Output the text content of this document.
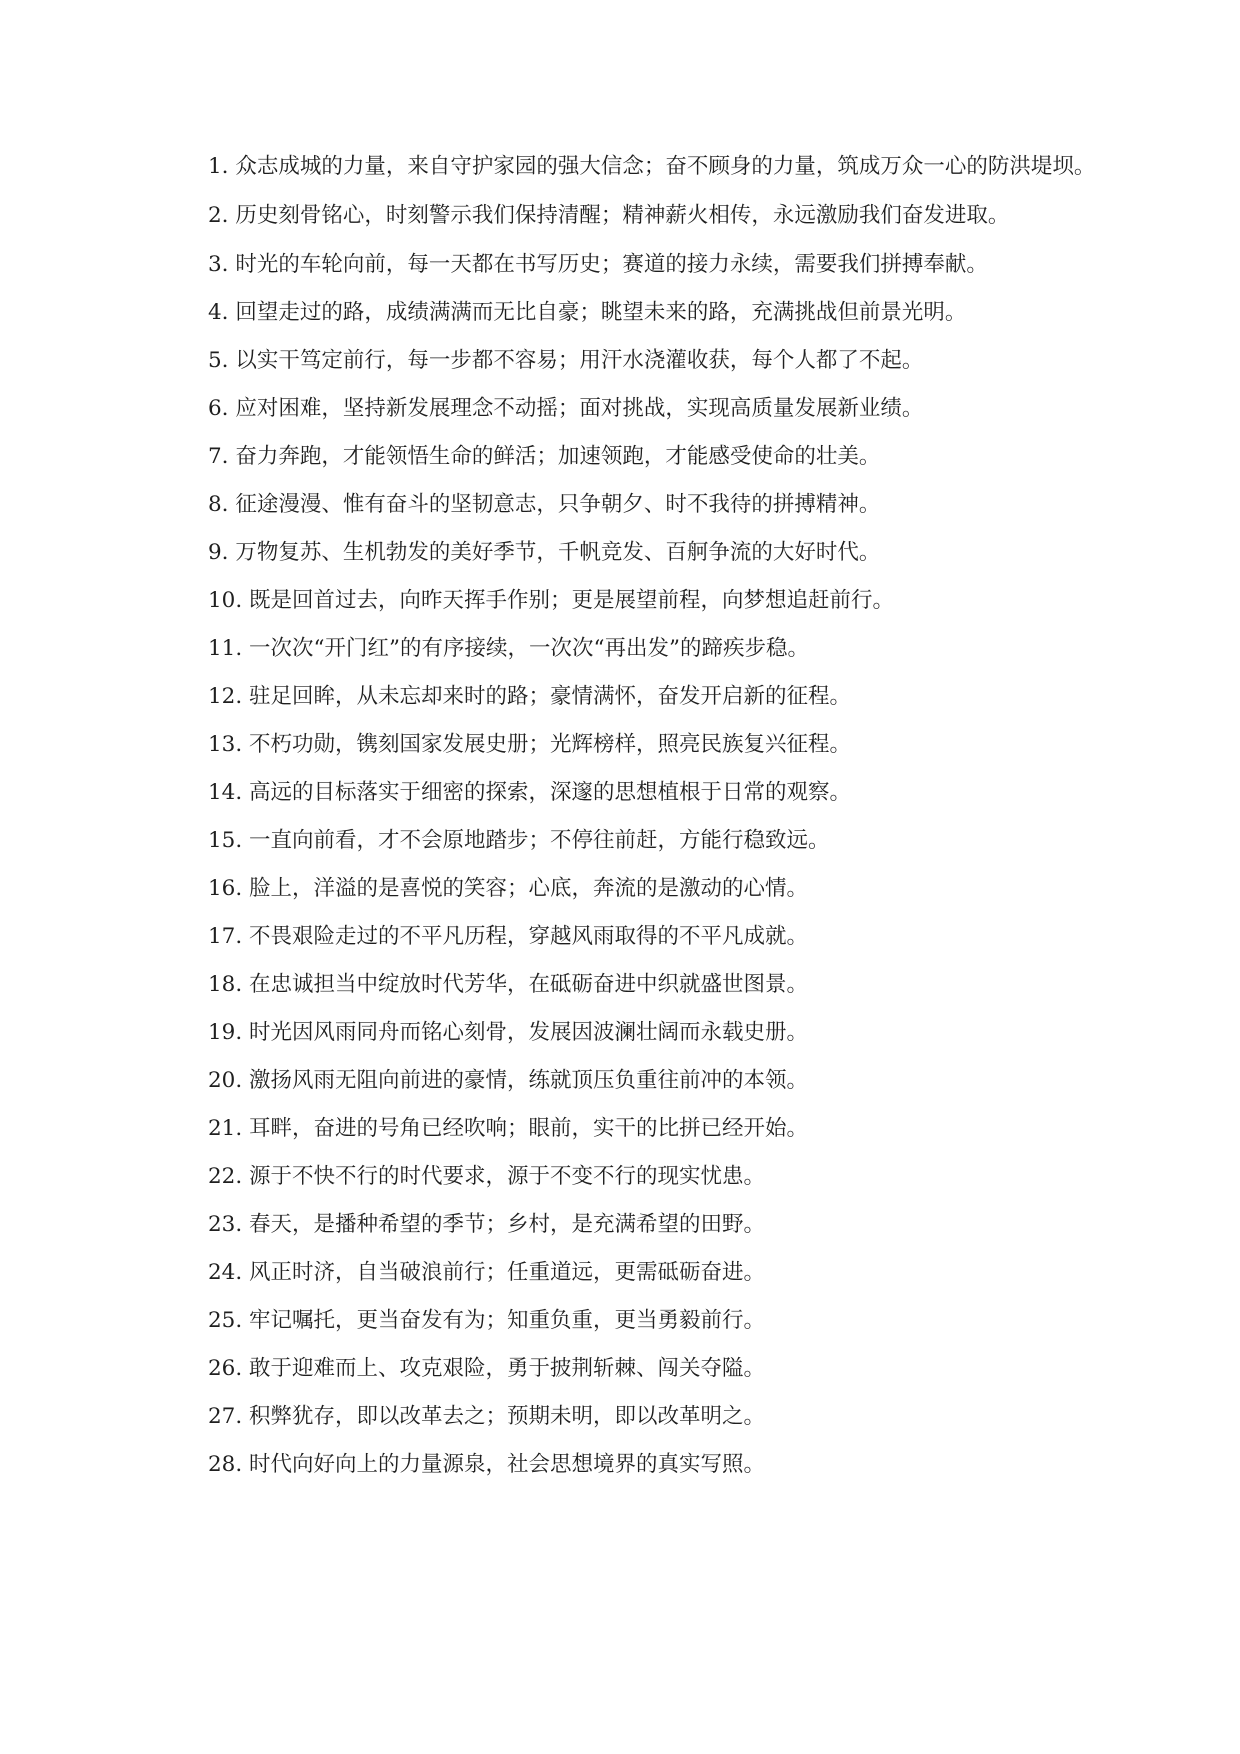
1. 众志成城的力量，来自守护家园的强大信念；奋不顾身的力量，筑成万众一心的防洪堤坝。

2. 历史刻骨铭心，时刻警示我们保持清醒；精神薪火相传，永远激励我们奋发进取。

3. 时光的车轮向前，每一天都在书写历史；赛道的接力永续，需要我们拼搏奉献。

4. 回望走过的路，成绩满满而无比自豪；眺望未来的路，充满挑战但前景光明。

5. 以实干笃定前行，每一步都不容易；用汗水浇灌收获，每个人都了不起。

6. 应对困难，坚持新发展理念不动摇；面对挑战，实现高质量发展新业绩。

7. 奋力奔跑，才能领悟生命的鲜活；加速领跑，才能感受使命的壮美。

8. 征途漫漫、惟有奋斗的坚韧意志，只争朝夕、时不我待的拼搏精神。

9. 万物复苏、生机勃发的美好季节，千帆竞发、百舸争流的大好时代。

10. 既是回首过去，向昨天挥手作别；更是展望前程，向梦想追赶前行。

11. 一次次“开门红”的有序接续，一次次“再出发”的蹄疾步稳。

12. 驻足回眸，从未忘却来时的路；豪情满怀，奋发开启新的征程。

13. 不朽功勋，镌刻国家发展史册；光辉榜样，照亮民族复兴征程。

14. 高远的目标落实于细密的探索，深邃的思想植根于日常的观察。

15. 一直向前看，才不会原地踏步；不停往前赶，方能行稳致远。

16. 脸上，洋溢的是喜悦的笑容；心底，奔流的是激动的心情。

17. 不畏艰险走过的不平凡历程，穿越风雨取得的不平凡成就。

18. 在忠诚担当中绽放时代芳华，在砥砺奋进中织就盛世图景。

19. 时光因风雨同舟而铭心刻骨，发展因波澜壮阔而永载史册。

20. 激扬风雨无阻向前进的豪情，练就顶压负重往前冲的本领。

21. 耳畔，奋进的号角已经吹响；眼前，实干的比拼已经开始。

22. 源于不快不行的时代要求，源于不变不行的现实忧患。

23. 春天，是播种希望的季节；乡村，是充满希望的田野。

24. 风正时济，自当破浪前行；任重道远，更需砥砺奋进。

25. 牢记嘱托，更当奋发有为；知重负重，更当勇毅前行。

26. 敢于迎难而上、攻克艰险，勇于披荆斩棘、闯关夺隘。

27. 积弊犹存，即以改革去之；预期未明，即以改革明之。

28. 时代向好向上的力量源泉，社会思想境界的真实写照。
